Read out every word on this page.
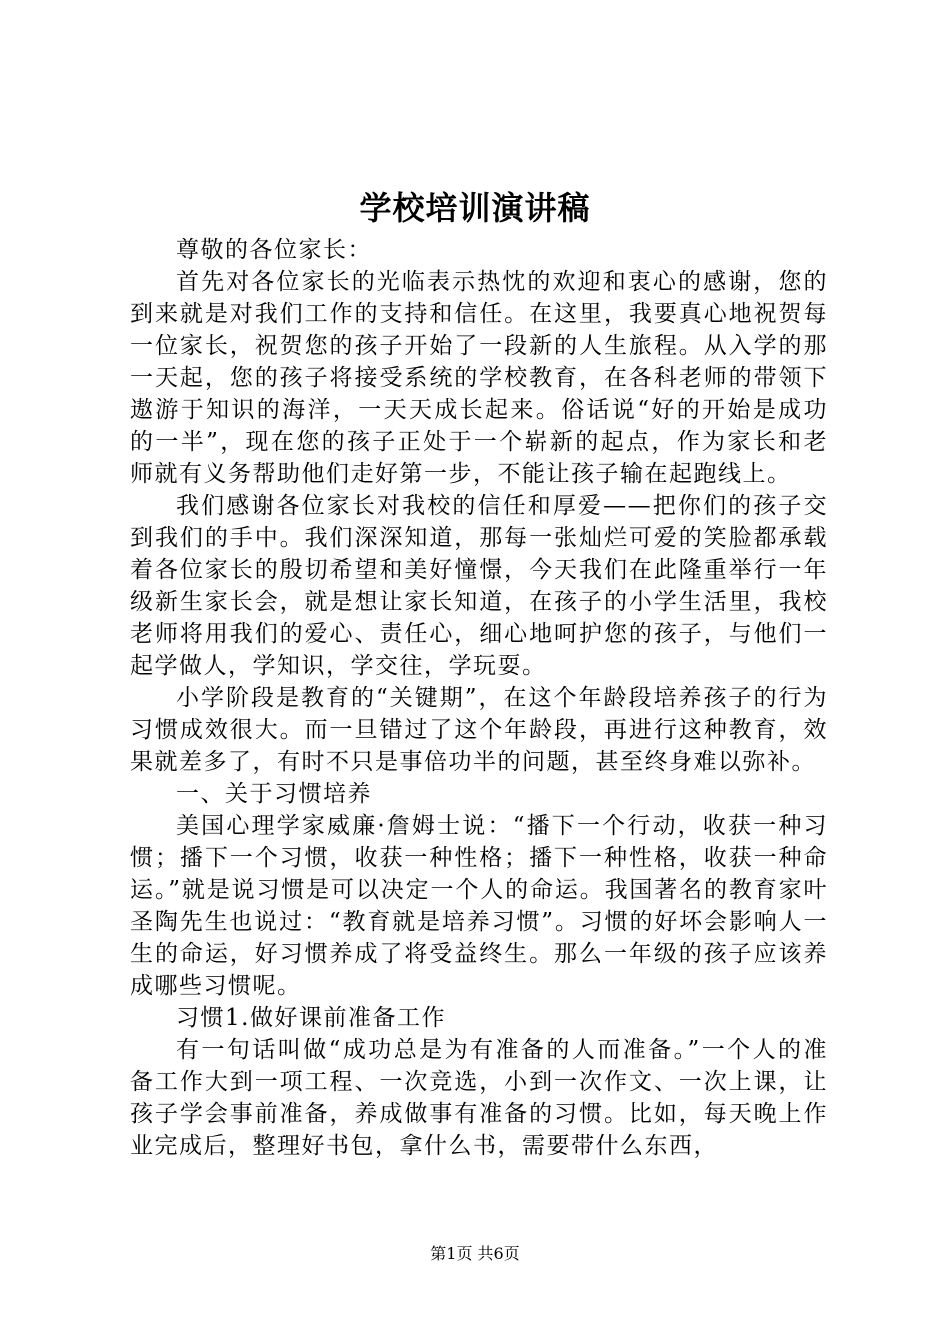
学校培训演讲稿

尊敬的各位家长：

首先对各位家长的光临表示热忱的欢迎和衷心的感谢，您的到来就是对我们工作的支持和信任。在这里，我要真心地祝贺每一位家长，祝贺您的孩子开始了一段新的人生旅程。从入学的那一天起，您的孩子将接受系统的学校教育，在各科老师的带领下遨游于知识的海洋，一天天成长起来。俗话说“好的开始是成功的一半”，现在您的孩子正处于一个崭新的起点，作为家长和老师就有义务帮助他们走好第一步，不能让孩子输在起跑线上。

我们感谢各位家长对我校的信任和厚爱——把你们的孩子交到我们的手中。我们深深知道，那每一张灿烂可爱的笑脸都承载着各位家长的殷切希望和美好憧憬，今天我们在此隆重举行一年级新生家长会，就是想让家长知道，在孩子的小学生活里，我校老师将用我们的爱心、责任心，细心地呵护您的孩子，与他们一起学做人，学知识，学交往，学玩耍。

小学阶段是教育的“关键期”，在这个年龄段培养孩子的行为习惯成效很大。而一旦错过了这个年龄段，再进行这种教育，效果就差多了，有时不只是事倍功半的问题，甚至终身难以弥补。

一、关于习惯培养

美国心理学家威廉·詹姆士说：“播下一个行动，收获一种习惯；播下一个习惯，收获一种性格；播下一种性格，收获一种命运。”就是说习惯是可以决定一个人的命运。我国著名的教育家叶圣陶先生也说过：“教育就是培养习惯”。习惯的好坏会影响人一生的命运，好习惯养成了将受益终生。那么一年级的孩子应该养成哪些习惯呢。

习惯1.做好课前准备工作

有一句话叫做“成功总是为有准备的人而准备。”一个人的准备工作大到一项工程、一次竞选，小到一次作文、一次上课，让孩子学会事前准备，养成做事有准备的习惯。比如，每天晚上作业完成后，整理好书包，拿什么书，需要带什么东西，

第1页 共6页
